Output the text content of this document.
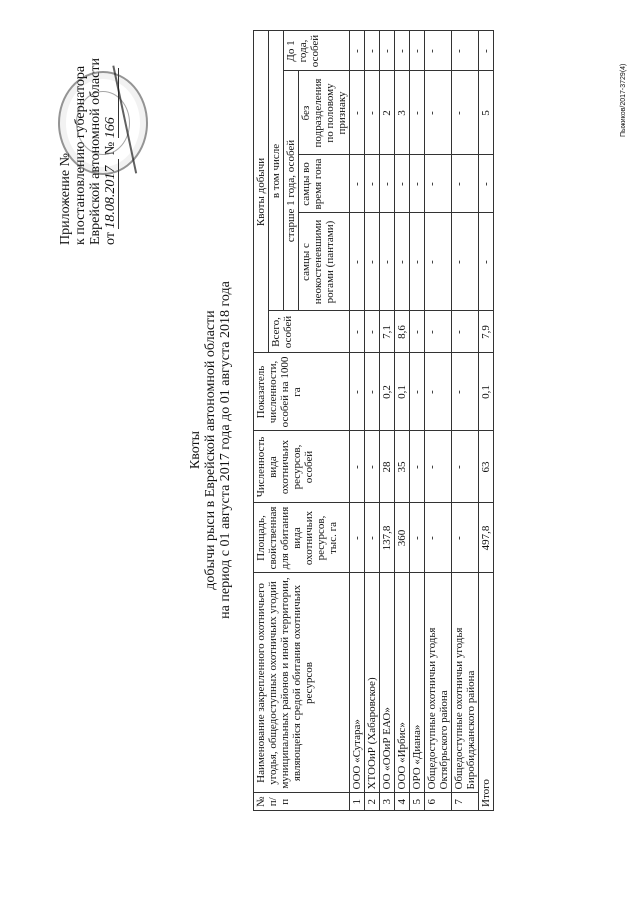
Приложение № к постановлению губернатора Еврейской автономной области от 18.08.2017 № 166
Квоты добычи рыси в Еврейской автономной области на период с 01 августа 2017 года до 01 августа 2018 года
№ п/п	Наименование закрепленного охотничьего угодья, общедоступных охотничьих угодий муниципальных районов и иной территории, являющейся средой обитания охотничьих ресурсов	Площадь, свойственная для обитания вида охотничьих ресурсов, тыс. га	Численность вида охотничьих ресурсов, особей	Показатель численности, особей на 1000 га	Квоты добычи				
					Всего, особей	в том числе			
						старше 1 года, особей			До 1 года, особей
						самцы с неокостеневшими рогами (пантами)	самцы во время гона	без подразделения по половому признаку	
1	ООО «Сутара»	-	-	-	-	-	-	-	-
2	ХТООиР (Хабаровское)	-	-	-	-	-	-	-	-
3	ОО «ООиР ЕАО»	137,8	28	0,2	7,1	-	-	2	-
4	ООО «Ирбис»	360	35	0,1	8,6	-	-	3	-
5	ОРО «Диана»	-	-	-	-	-	-	-	-
6	Общедоступные охотничьи угодья Октябрьского района	-	-	-	-	-	-	-	-
7	Общедоступные охотничьи угодья Биробиджанского района	-	-	-	-	-	-	-	-
Итого		497,8	63	0,1	7,9	-	-	5	-
Пыжиков/2017-3729(4)
